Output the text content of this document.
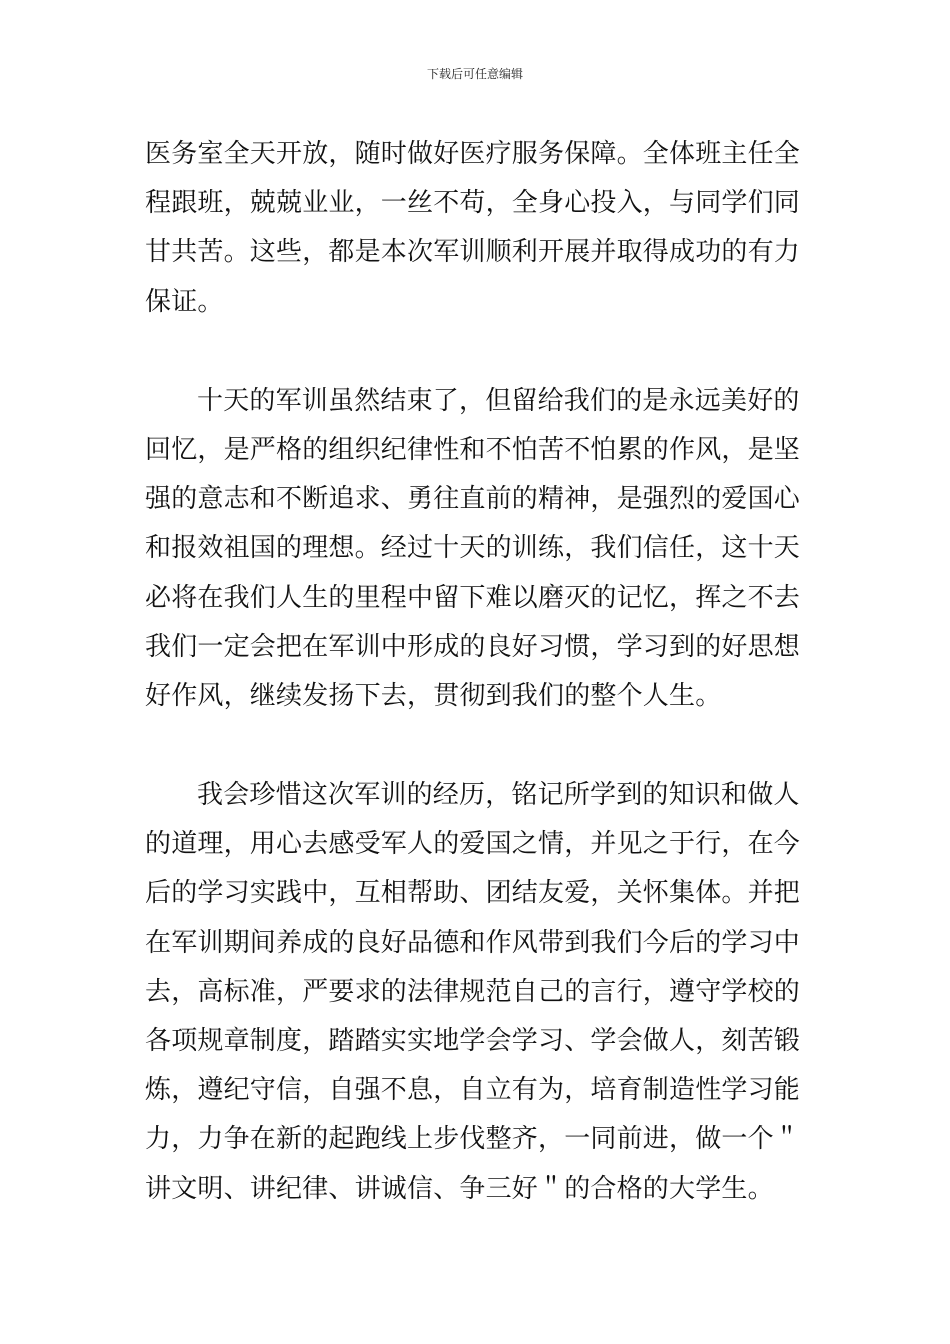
下载后可任意编辑
医务室全天开放，随时做好医疗服务保障。全体班主任全
程跟班，兢兢业业，一丝不苟，全身心投入，与同学们同
甘共苦。这些，都是本次军训顺利开展并取得成功的有力
保证。
十天的军训虽然结束了，但留给我们的是永远美好的
回忆，是严格的组织纪律性和不怕苦不怕累的作风，是坚
强的意志和不断追求、勇往直前的精神，是强烈的爱国心
和报效祖国的理想。经过十天的训练，我们信任，这十天
必将在我们人生的里程中留下难以磨灭的记忆，挥之不去
我们一定会把在军训中形成的良好习惯，学习到的好思想
好作风，继续发扬下去，贯彻到我们的整个人生。
我会珍惜这次军训的经历，铭记所学到的知识和做人
的道理，用心去感受军人的爱国之情，并见之于行，在今
后的学习实践中，互相帮助、团结友爱，关怀集体。并把
在军训期间养成的良好品德和作风带到我们今后的学习中
去，高标准，严要求的法律规范自己的言行，遵守学校的
各项规章制度，踏踏实实地学会学习、学会做人，刻苦锻
炼，遵纪守信，自强不息，自立有为，培育制造性学习能
力，力争在新的起跑线上步伐整齐，一同前进，做一个＂
讲文明、讲纪律、讲诚信、争三好＂的合格的大学生。
